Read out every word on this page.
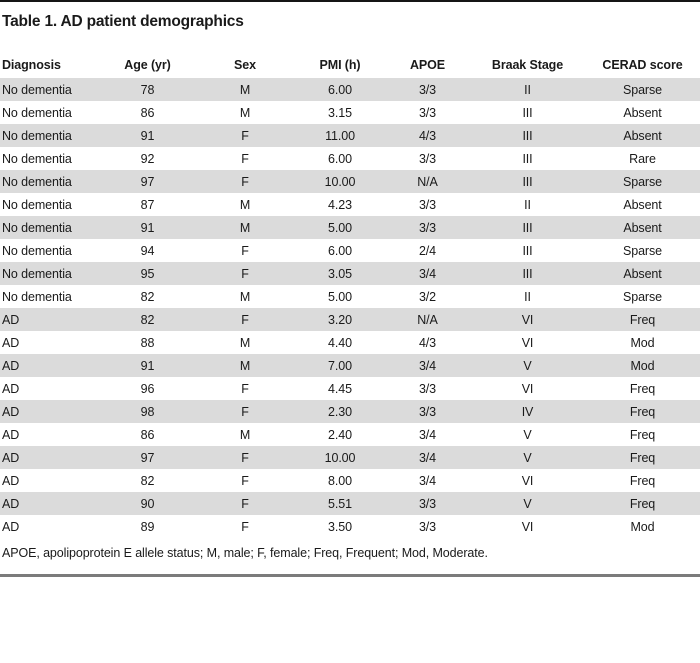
Table 1. AD patient demographics
Diagnosis	Age (yr)	Sex	PMI (h)	APOE	Braak Stage	CERAD score
No dementia	78	M	6.00	3/3	II	Sparse
No dementia	86	M	3.15	3/3	III	Absent
No dementia	91	F	11.00	4/3	III	Absent
No dementia	92	F	6.00	3/3	III	Rare
No dementia	97	F	10.00	N/A	III	Sparse
No dementia	87	M	4.23	3/3	II	Absent
No dementia	91	M	5.00	3/3	III	Absent
No dementia	94	F	6.00	2/4	III	Sparse
No dementia	95	F	3.05	3/4	III	Absent
No dementia	82	M	5.00	3/2	II	Sparse
AD	82	F	3.20	N/A	VI	Freq
AD	88	M	4.40	4/3	VI	Mod
AD	91	M	7.00	3/4	V	Mod
AD	96	F	4.45	3/3	VI	Freq
AD	98	F	2.30	3/3	IV	Freq
AD	86	M	2.40	3/4	V	Freq
AD	97	F	10.00	3/4	V	Freq
AD	82	F	8.00	3/4	VI	Freq
AD	90	F	5.51	3/3	V	Freq
AD	89	F	3.50	3/3	VI	Mod

APOE, apolipoprotein E allele status; M, male; F, female; Freq, Frequent; Mod, Moderate.
